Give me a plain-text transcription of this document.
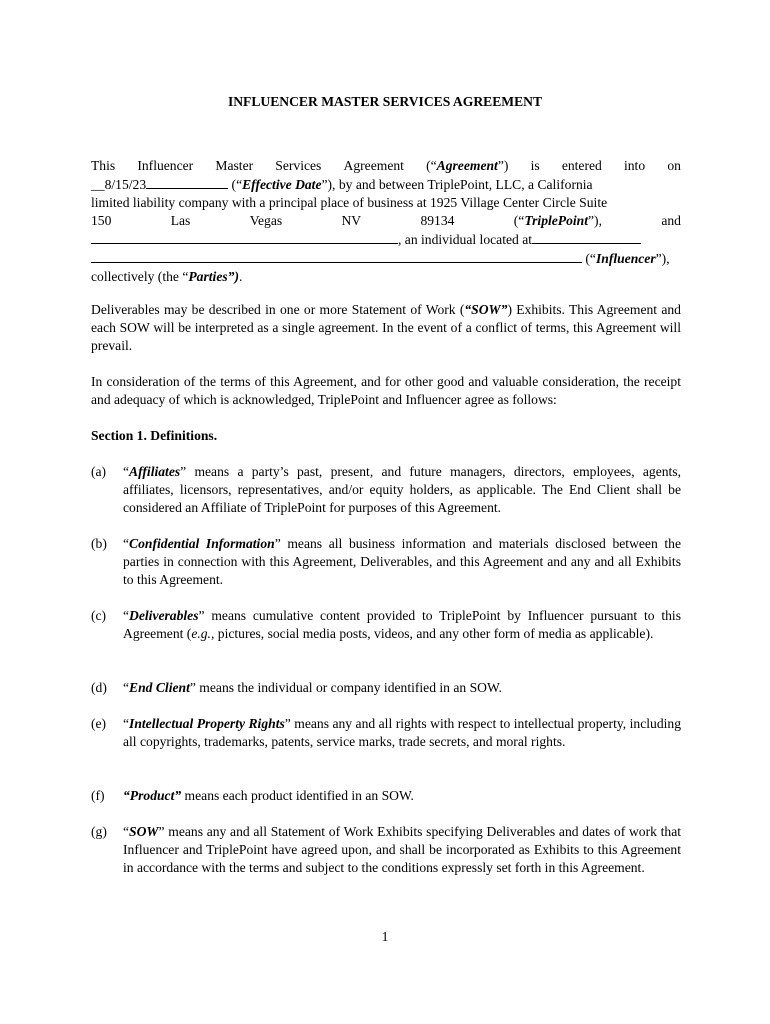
INFLUENCER MASTER SERVICES AGREEMENT
This Influencer Master Services Agreement (“Agreement”) is entered into on
__8/15/23	(“Effective Date”), by and between TriplePoint, LLC, a California
limited liability company with a principal place of business at 1925 Village Center Circle Suite
150	Las	Vegas	NV	89134	(“TriplePoint”),	and
, an individual located at
(“Influencer”),
collectively (the “Parties”).
Deliverables may be described in one or more Statement of Work (“SOW”) Exhibits. This Agreement and each SOW will be interpreted as a single agreement. In the event of a conflict of terms, this Agreement will prevail.
In consideration of the terms of this Agreement, and for other good and valuable consideration, the receipt and adequacy of which is acknowledged, TriplePoint and Influencer agree as follows:
Section 1. Definitions.
(a) “Affiliates” means a party’s past, present, and future managers, directors, employees, agents, affiliates, licensors, representatives, and/or equity holders, as applicable. The End Client shall be considered an Affiliate of TriplePoint for purposes of this Agreement.
(b) “Confidential Information” means all business information and materials disclosed between the parties in connection with this Agreement, Deliverables, and this Agreement and any and all Exhibits to this Agreement.
(c) “Deliverables” means cumulative content provided to TriplePoint by Influencer pursuant to this Agreement (e.g., pictures, social media posts, videos, and any other form of media as applicable).
(d) “End Client” means the individual or company identified in an SOW.
(e) “Intellectual Property Rights” means any and all rights with respect to intellectual property, including all copyrights, trademarks, patents, service marks, trade secrets, and moral rights.
(f) “Product” means each product identified in an SOW.
(g) “SOW” means any and all Statement of Work Exhibits specifying Deliverables and dates of work that Influencer and TriplePoint have agreed upon, and shall be incorporated as Exhibits to this Agreement in accordance with the terms and subject to the conditions expressly set forth in this Agreement.
1
